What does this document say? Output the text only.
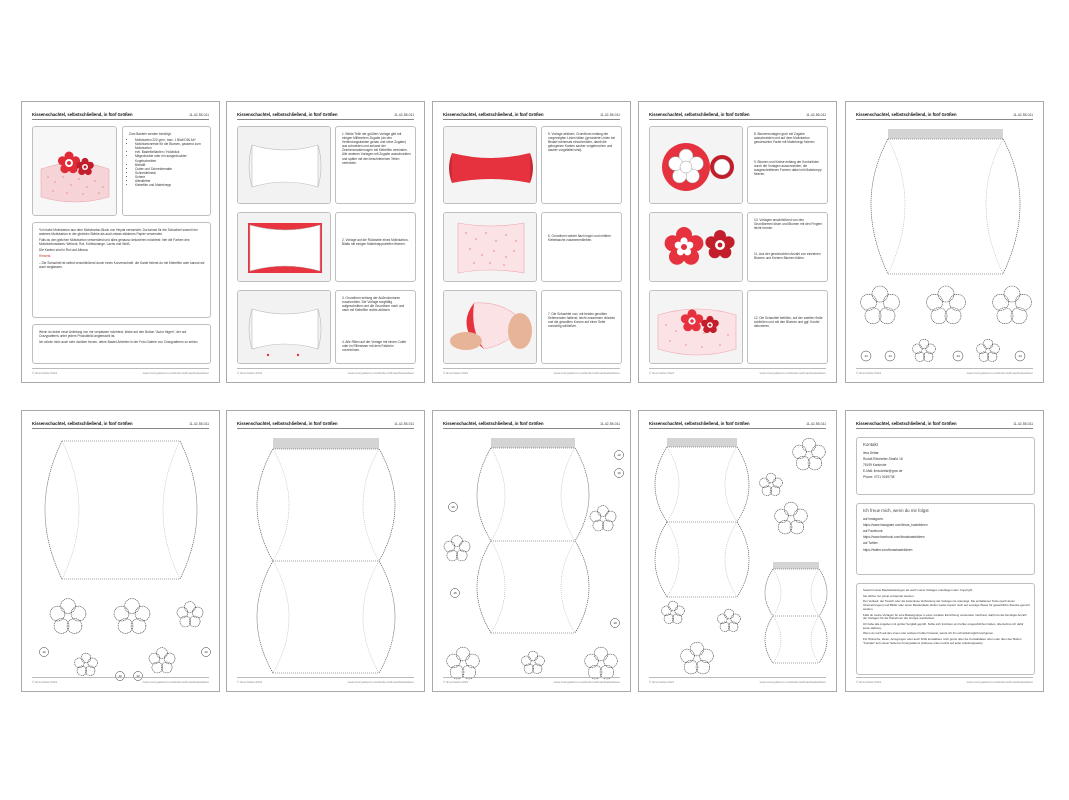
Kissenschachtel, selbstschließend, in fünf Größen	11-42-55-011

Zum Basteln werden benötigt:

• Motivkarton 220 g/m², max. 1 Blatt DIN A4*
• Motivkartonreste für die Blumen, passend zum Motivkarton
• evtl. Bastelbrillanten / Holzbäck
• Mitgedruckte oder ein ausgedruckter Kugelschreiber
• Bleistift
• Cutter und Schneidematte
• Schneidelineal
• Schere
• Alleskleber
• Klebefilm und Malerkrepp

*Ich habe Motivkarton aus dem Motivkarton-Block von Heyda verwendet. Da kannst für die Schachtel sowohl ein anderes Motivkarton in der gleichen Stärke als auch etwas stärkeres Papier verwenden.

Falls du den gleichen Motivkarton verwendest und alles genauso dekorieren möchtest: hier die Farben des Motivkartonsatzes: Weinrot, Rot, Kürbisorange, Lachs und Weiß.

Die Kanten sind in Rot und Altrosa.

Hinweis:

– Die Schachtel ist selbst verschließend durch einen Kurvenschnitt, die Kante fixierst du mit Klebefilm oder kannst sie auch weglassen.

Wenn du keine neue Anleitung von mir verpassen möchtest, klicke auf den Button "Autor folgen", der auf Crazypatterns unter jedem Produktbild angebracht ist.

Ich würde mich auch sehr darüber freuen, deine Bastel-Arbeiten in der Foto-Galerie von Crazypatterns zu sehen.

© Ilma Dettar 2021	www.crazypatterns.net/de/items/ilmas/bastelideen
Kissenschachtel, selbstschließend, in fünf Größen	11-42-55-011
1. Beide Teile der größten Vorlage gibt mit einigen Millimetern Zugabe (an den Verbindungskanten genau und ohne Zugabe) aus schneiden und anhand der Zeichenmarkierungen mit Klebefilm verbinden. Alle anderen Vorlagen mit Zugabe ausschneiden und später mit den beschriebenen Teilen verbinden.
2. Vorlage auf die Rückseite eines Motivkarton-Blatts mit einigen Malerkreppstreifen fixieren.
3. Grundform entlang der Außenkonturen zuschneiden. Die Vorlage sorgfältig aufgeschnitten und die Grundform nach und nach mit Klebefilm rechts ablösen.
4. Alle Rillen auf der Vorlage mit einem Cutter oder im Rillmesser mit dem Falzbein vorzeichnen.
© Ilma Dettar 2021	www.crazypatterns.net/de/items/ilmas/bastelideen
Kissenschachtel, selbstschließend, in fünf Größen	11-42-55-011
5. Vorlage ablösen. Grundform entlang der vorgezeigten Linien falten (gerundete Linien bei Bedarf mehrmals einschneiden, damit die gebogenen Kanten sauber vorgebrochen und sauber vorgefaltet sind).
6. Grundform wieder flach legen und mittlere Klebelasche zusammenkleben.
7. Die Schachtel nun, mit beiden gerollten Seitenenden haltend, leicht zusammen drücken und die gewollten Kurven auf einer Seite vorsichtig schließen.
© Ilma Dettar 2021	www.crazypatterns.net/de/items/ilmas/bastelideen
Kissenschachtel, selbstschließend, in fünf Größen	11-42-55-011
8. Blumenvorlagen grob mit Zugabe ausschneiden und auf dem Motivkarton gewünschter Farbe mit Malerkrepp fixieren.
9. Blumen und Kreise entlang der Konturlinien durch die Vorlagen ausschneiden, die ausgeschnittenen Formen dabei mit Malerkrepp fixieren.
10. Vorlagen anschließend von den Grundformen lösen und Blumen mit den Fingern leicht formen.
11. Aus der gewünschten Anzahl von einzelnen Blumen und Kreisen Blumen bilden.
12. Die Schachtel befüllen, auf der zweiten Seite schließen und mit den Blumen und ggf. Kordel dekorieren.
© Ilma Dettar 2021	www.crazypatterns.net/de/items/ilmas/bastelideen
Kissenschachtel, selbstschließend, in fünf Größen	11-42-55-011
14	14	14	14
© Ilma Dettar 2021	www.crazypatterns.net/de/items/ilmas/bastelideen
Kissenschachtel, selbstschließend, in fünf Größen	11-42-55-011
12
12	12
12
© Ilma Dettar 2021	www.crazypatterns.net/de/items/ilmas/bastelideen
Kissenschachtel, selbstschließend, in fünf Größen	11-42-55-011
© Ilma Dettar 2021	www.crazypatterns.net/de/items/ilmas/bastelideen
Kissenschachtel, selbstschließend, in fünf Größen	11-42-55-011
10
10
10
16
10
© Ilma Dettar 2021	www.crazypatterns.net/de/items/ilmas/bastelideen
Kissenschachtel, selbstschließend, in fünf Größen	11-42-55-011
© Ilma Dettar 2021	www.crazypatterns.net/de/items/ilmas/bastelideen
Kissenschachtel, selbstschließend, in fünf Größen	11-42-55-011
Kontakt

Ilma Dettar

Rudolf-Reichelter-Straße 16

76199 Karlsruhe

E-Mail: ilma.dettar@gmx.de

Phone: 0721 9249738

Ich freue mich, wenn du mir folgst

auf Instagram:

https://www.instagram.com/ilmas_bastelideen

auf Facebook:

https://www.facebook.com/ilmasbastelideen

auf Twitter:

https://twitter.com/ilmasbastelideen

Sowohl meine Bastelanleitungen als auch meine Vorlagen unterliegen dem Copyright.

Sie dürfen nur privat verwendet werden.

Der Verkauf, der Tausch oder die kostenlose Verbreitung der Vorlagen ist untersagt. Die enthaltenen Texte (auch deren Übersetzungen) und Bilder oder deren Bestandteile dürfen weder kopiert noch auf sonstige Weise für gewerbliche Zwecke genutzt werden.

Falls du meine Vorlagen für eine Bastelgruppe in einer sozialen Einrichtung verwenden möchtest, darfst du die benötigte Anzahl der Vorlagen für die Teilnehmer der Gruppe ausdrucken.

Ich habe alle Angaben mit großer Sorgfalt geprüft. Sollte sich trotzdem ein Fehler eingeschlichen haben, übernehme ich dafür keine Haftung.

Wenn du mich auf den einen oder anderen Fehler hinweist, werde ich ihn schnellstmöglich korrigieren.

Für Wünsche, Ideen, Anregungen oder auch Kritik kontaktiere mich gerne über die Kontaktdaten oben oder über den Button "Kontakt" auf meiner Seite bei Crazypatterns (Adresse unten rechts auf jeder Anleitungsseite).

© Ilma Dettar 2021	www.crazypatterns.net/de/items/ilmas/bastelideen
